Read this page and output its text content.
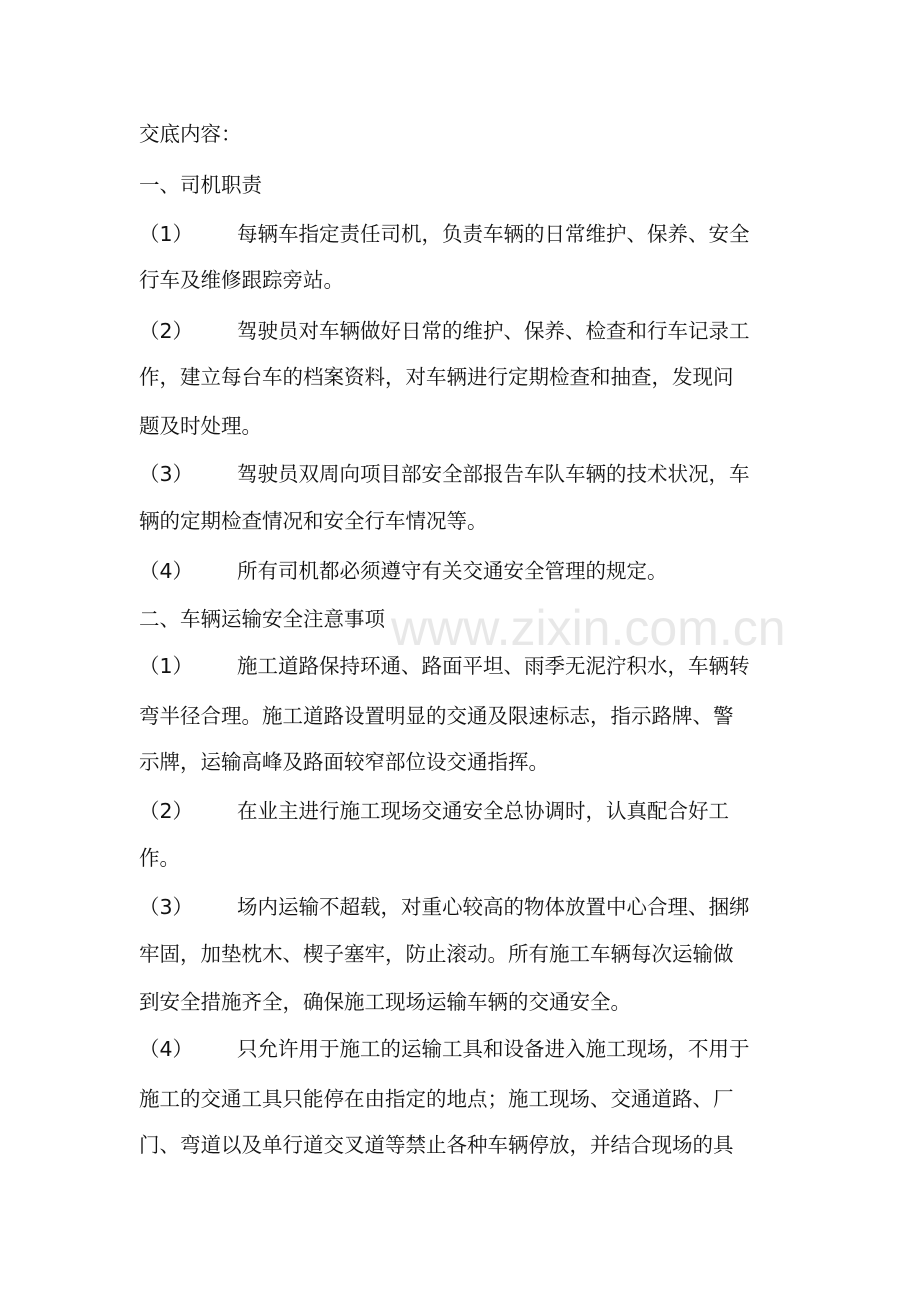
交底内容：
一、司机职责
（1） 每辆车指定责任司机，负责车辆的日常维护、保养、安全
行车及维修跟踪旁站。
（2） 驾驶员对车辆做好日常的维护、保养、检查和行车记录工
作，建立每台车的档案资料，对车辆进行定期检查和抽查，发现问
题及时处理。
（3） 驾驶员双周向项目部安全部报告车队车辆的技术状况，车
辆的定期检查情况和安全行车情况等。
（4） 所有司机都必须遵守有关交通安全管理的规定。
二、车辆运输安全注意事项
（1） 施工道路保持环通、路面平坦、雨季无泥泞积水，车辆转
弯半径合理。施工道路设置明显的交通及限速标志，指示路牌、警
示牌，运输高峰及路面较窄部位设交通指挥。
（2） 在业主进行施工现场交通安全总协调时，认真配合好工
作。
（3） 场内运输不超载，对重心较高的物体放置中心合理、捆绑
牢固，加垫枕木、楔子塞牢，防止滚动。所有施工车辆每次运输做
到安全措施齐全，确保施工现场运输车辆的交通安全。
（4） 只允许用于施工的运输工具和设备进入施工现场，不用于
施工的交通工具只能停在由指定的地点；施工现场、交通道路、厂
门、弯道以及单行道交叉道等禁止各种车辆停放，并结合现场的具
www.zixin.com.cn
